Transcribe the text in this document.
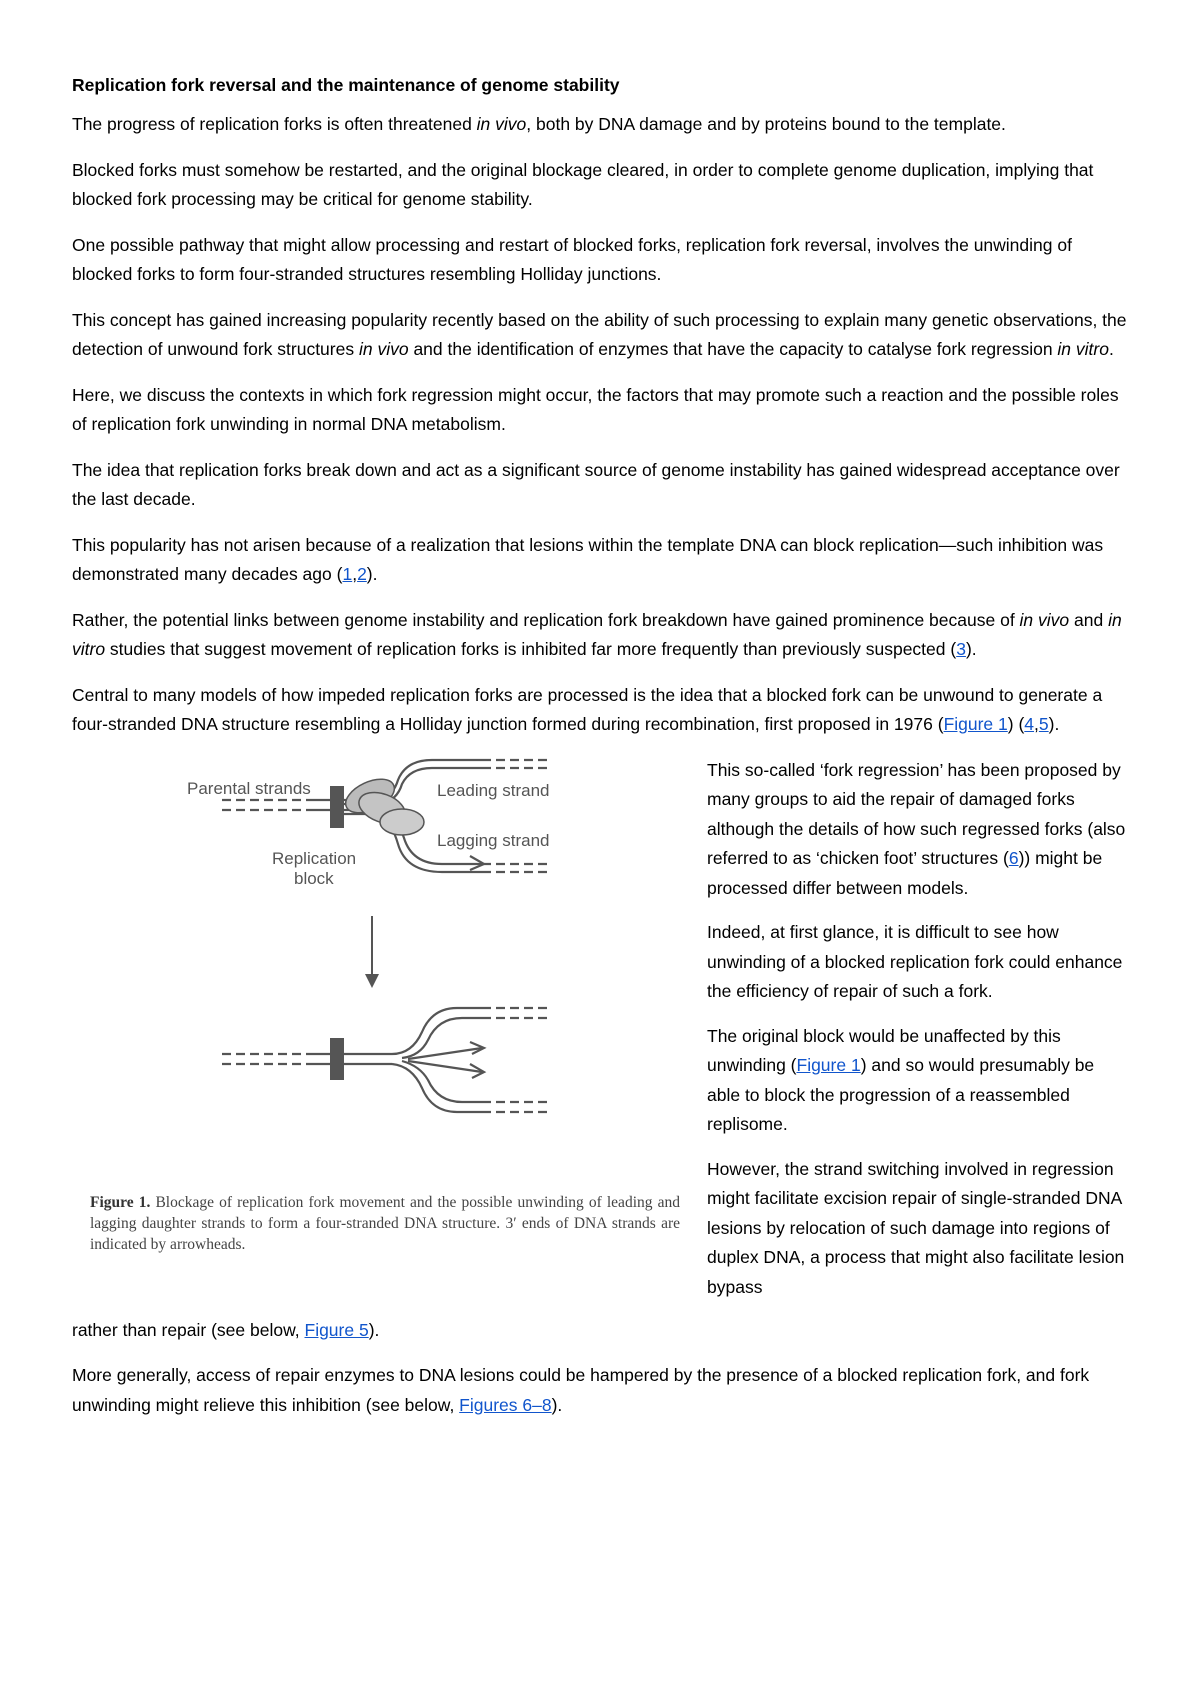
Replication fork reversal and the maintenance of genome stability

The progress of replication forks is often threatened in vivo, both by DNA damage and by proteins bound to the template.

Blocked forks must somehow be restarted, and the original blockage cleared, in order to complete genome duplication, implying that blocked fork processing may be critical for genome stability.

One possible pathway that might allow processing and restart of blocked forks, replication fork reversal, involves the unwinding of blocked forks to form four-stranded structures resembling Holliday junctions.

This concept has gained increasing popularity recently based on the ability of such processing to explain many genetic observations, the detection of unwound fork structures in vivo and the identification of enzymes that have the capacity to catalyse fork regression in vitro.

Here, we discuss the contexts in which fork regression might occur, the factors that may promote such a reaction and the possible roles of replication fork unwinding in normal DNA metabolism.

The idea that replication forks break down and act as a significant source of genome instability has gained widespread acceptance over the last decade.

This popularity has not arisen because of a realization that lesions within the template DNA can block replication—such inhibition was demonstrated many decades ago (1,2).

Rather, the potential links between genome instability and replication fork breakdown have gained prominence because of in vivo and in vitro studies that suggest movement of replication forks is inhibited far more frequently than previously suspected (3).

Central to many models of how impeded replication forks are processed is the idea that a blocked fork can be unwound to generate a four-stranded DNA structure resembling a Holliday junction formed during recombination, first proposed in 1976 (Figure 1) (4,5).

Parental strands	Leading strand
Lagging strand
Replication
block
Figure 1. Blockage of replication fork movement and the possible unwinding of leading and lagging daughter strands to form a four-stranded DNA structure. 3′ ends of DNA strands are indicated by arrowheads.

This so-called ‘fork regression’ has been proposed by many groups to aid the repair of damaged forks although the details of how such regressed forks (also referred to as ‘chicken foot’ structures (6)) might be processed differ between models.

Indeed, at first glance, it is difficult to see how unwinding of a blocked replication fork could enhance the efficiency of repair of such a fork.

The original block would be unaffected by this unwinding (Figure 1) and so would presumably be able to block the progression of a reassembled replisome.

However, the strand switching involved in regression might facilitate excision repair of single-stranded DNA lesions by relocation of such damage into regions of duplex DNA, a process that might also facilitate lesion bypass

rather than repair (see below, Figure 5).

More generally, access of repair enzymes to DNA lesions could be hampered by the presence of a blocked replication fork, and fork unwinding might relieve this inhibition (see below, Figures 6–8).
